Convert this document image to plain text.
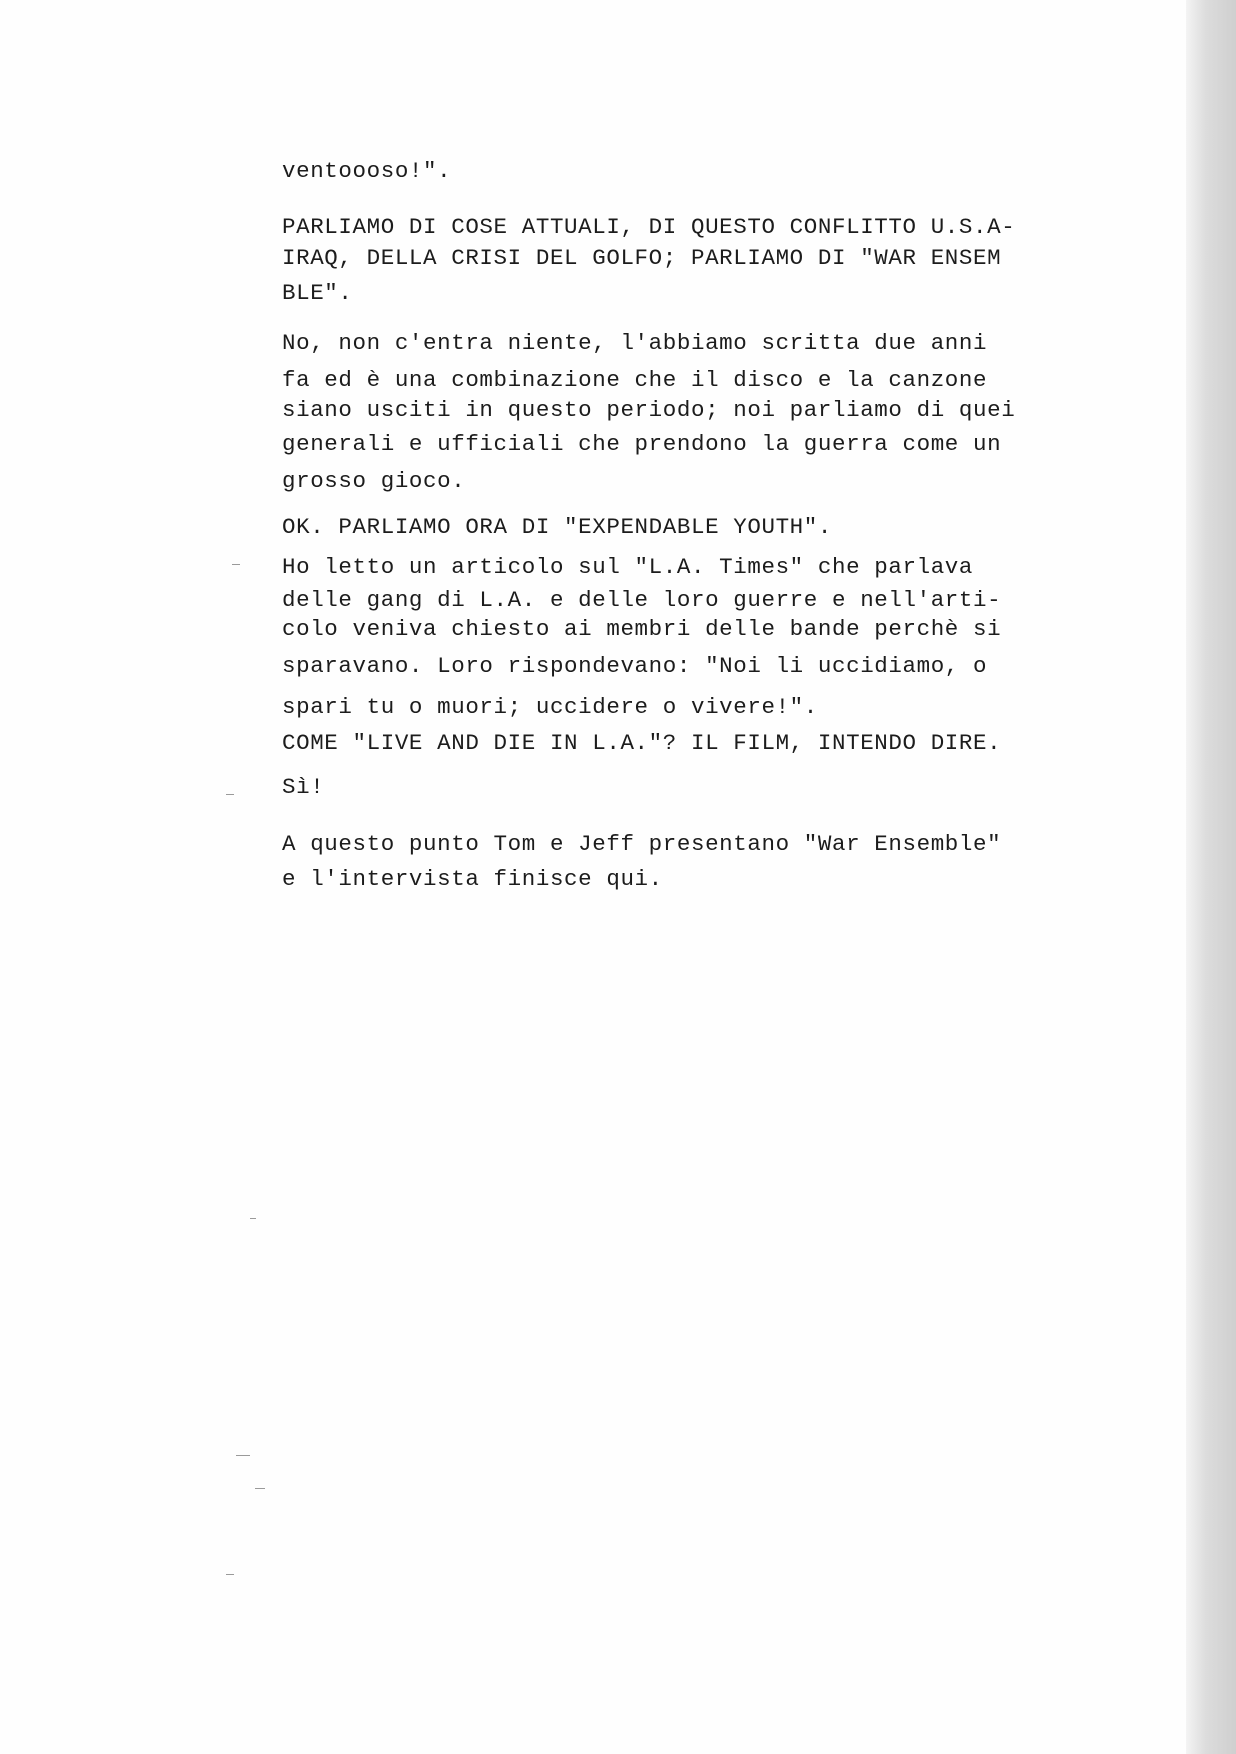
ventoooso!".
PARLIAMO DI COSE ATTUALI, DI QUESTO CONFLITTO U.S.A-
IRAQ, DELLA CRISI DEL GOLFO; PARLIAMO DI "WAR ENSEM
BLE".
No, non c'entra niente, l'abbiamo scritta due anni
fa ed è una combinazione che il disco e la canzone
siano usciti in questo periodo; noi parliamo di quei
generali e ufficiali che prendono la guerra come un
grosso gioco.
OK. PARLIAMO ORA DI "EXPENDABLE YOUTH".
Ho letto un articolo sul "L.A. Times" che parlava
delle gang di L.A. e delle loro guerre e nell'arti-
colo veniva chiesto ai membri delle bande perchè si
sparavano. Loro rispondevano: "Noi li uccidiamo, o
spari tu o muori; uccidere o vivere!".
COME "LIVE AND DIE IN L.A."? IL FILM, INTENDO DIRE.
Sì!
A questo punto Tom e Jeff presentano "War Ensemble"
e l'intervista finisce qui.
